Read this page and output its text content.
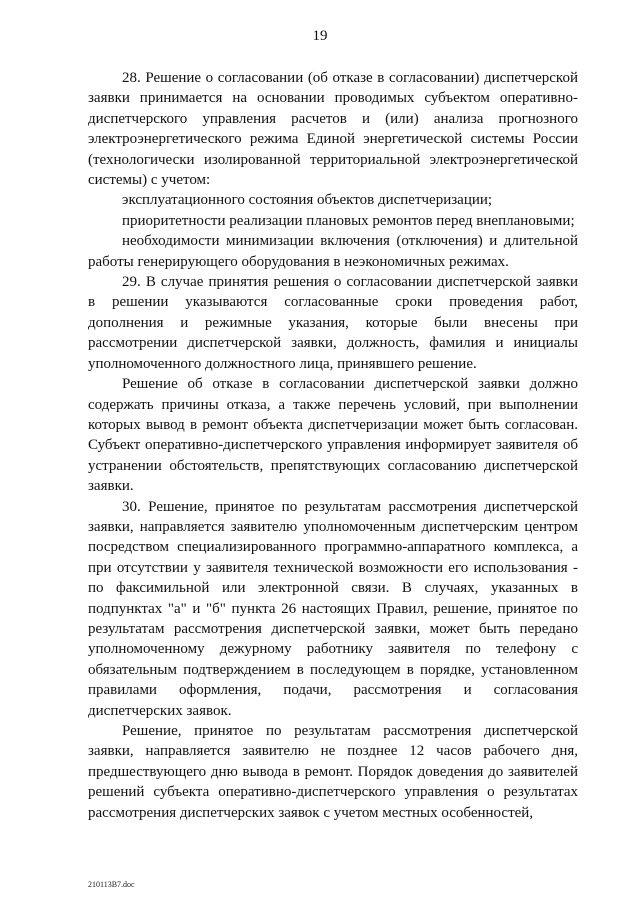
19

28. Решение о согласовании (об отказе в согласовании) диспетчерской заявки принимается на основании проводимых субъектом оперативно-диспетчерского управления расчетов и (или) анализа прогнозного электроэнергетического режима Единой энергетической системы России (технологически изолированной территориальной электроэнергетической системы) с учетом:

эксплуатационного состояния объектов диспетчеризации;

приоритетности реализации плановых ремонтов перед внеплановыми;

необходимости минимизации включения (отключения) и длительной работы генерирующего оборудования в неэкономичных режимах.

29. В случае принятия решения о согласовании диспетчерской заявки в решении указываются согласованные сроки проведения работ, дополнения и режимные указания, которые были внесены при рассмотрении диспетчерской заявки, должность, фамилия и инициалы уполномоченного должностного лица, принявшего решение.

Решение об отказе в согласовании диспетчерской заявки должно содержать причины отказа, а также перечень условий, при выполнении которых вывод в ремонт объекта диспетчеризации может быть согласован. Субъект оперативно-диспетчерского управления информирует заявителя об устранении обстоятельств, препятствующих согласованию диспетчерской заявки.

30. Решение, принятое по результатам рассмотрения диспетчерской заявки, направляется заявителю уполномоченным диспетчерским центром посредством специализированного программно-аппаратного комплекса, а при отсутствии у заявителя технической возможности его использования - по факсимильной или электронной связи. В случаях, указанных в подпунктах "а" и "б" пункта 26 настоящих Правил, решение, принятое по результатам рассмотрения диспетчерской заявки, может быть передано уполномоченному дежурному работнику заявителя по телефону с обязательным подтверждением в последующем в порядке, установленном правилами оформления, подачи, рассмотрения и согласования диспетчерских заявок.

Решение, принятое по результатам рассмотрения диспетчерской заявки, направляется заявителю не позднее 12 часов рабочего дня, предшествующего дню вывода в ремонт. Порядок доведения до заявителей решений субъекта оперативно-диспетчерского управления о результатах рассмотрения диспетчерских заявок с учетом местных особенностей,

210113В7.doc
